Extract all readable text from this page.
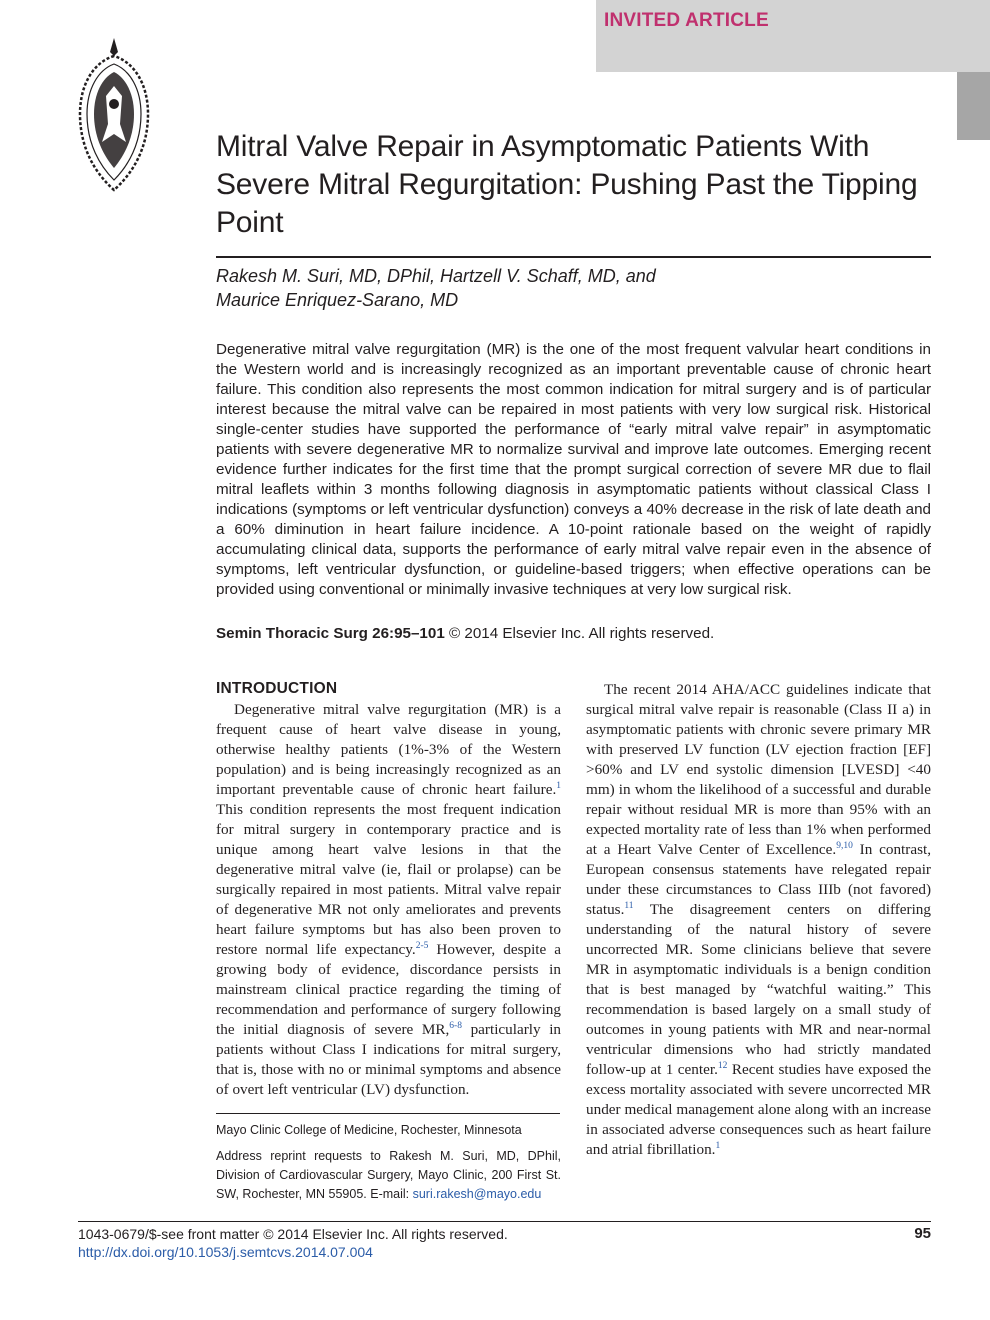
INVITED ARTICLE
Mitral Valve Repair in Asymptomatic Patients With Severe Mitral Regurgitation: Pushing Past the Tipping Point
Rakesh M. Suri, MD, DPhil, Hartzell V. Schaff, MD, and
Maurice Enriquez-Sarano, MD
Degenerative mitral valve regurgitation (MR) is the one of the most frequent valvular heart conditions in the Western world and is increasingly recognized as an important preventable cause of chronic heart failure. This condition also represents the most common indication for mitral surgery and is of particular interest because the mitral valve can be repaired in most patients with very low surgical risk. Historical single-center studies have supported the performance of “early mitral valve repair” in asymptomatic patients with severe degenerative MR to normalize survival and improve late outcomes. Emerging recent evidence further indicates for the first time that the prompt surgical correction of severe MR due to flail mitral leaflets within 3 months following diagnosis in asymptomatic patients without classical Class I indications (symptoms or left ventricular dysfunction) conveys a 40% decrease in the risk of late death and a 60% diminution in heart failure incidence. A 10-point rationale based on the weight of rapidly accumulating clinical data, supports the performance of early mitral valve repair even in the absence of symptoms, left ventricular dysfunction, or guideline-based triggers; when effective operations can be provided using conventional or minimally invasive techniques at very low surgical risk.
Semin Thoracic Surg 26:95–101 © 2014 Elsevier Inc. All rights reserved.
INTRODUCTION

Degenerative mitral valve regurgitation (MR) is a frequent cause of heart valve disease in young, otherwise healthy patients (1%-3% of the Western population) and is being increasingly recognized as an important preventable cause of chronic heart failure.$^1$ This condition represents the most frequent indication for mitral surgery in contemporary practice and is unique among heart valve lesions in that the degenerative mitral valve (ie, flail or prolapse) can be surgically repaired in most patients. Mitral valve repair of degenerative MR not only ameliorates and prevents heart failure symptoms but has also been proven to restore normal life expectancy.$^{2-5}$ However, despite a growing body of evidence, discordance persists in mainstream clinical practice regarding the timing of recommendation and performance of surgery following the initial diagnosis of severe MR,$^{6-8}$ particularly in patients without Class I indications for mitral surgery, that is, those with no or minimal symptoms and absence of overt left ventricular (LV) dysfunction.

The recent 2014 AHA/ACC guidelines indicate that surgical mitral valve repair is reasonable (Class II a) in asymptomatic patients with chronic severe primary MR with preserved LV function (LV ejection fraction [EF] >60% and LV end systolic dimension [LVESD] <40 mm) in whom the likelihood of a successful and durable repair without residual MR is more than 95% with an expected mortality rate of less than 1% when performed at a Heart Valve Center of Excellence.$^{9,10}$ In contrast, European consensus statements have relegated repair under these circumstances to Class IIIb (not favored) status.$^{11}$ The disagreement centers on differing understanding of the natural history of severe uncorrected MR. Some clinicians believe that severe MR in asymptomatic individuals is a benign condition that is best managed by “watchful waiting.” This recommendation is based largely on a small study of outcomes in young patients with MR and near-normal ventricular dimensions who had strictly mandated follow-up at 1 center.$^{12}$ Recent studies have exposed the excess mortality associated with severe uncorrected MR under medical management alone along with an increase in associated adverse consequences such as heart failure and atrial fibrillation.$^1$

Mayo Clinic College of Medicine, Rochester, Minnesota
Address reprint requests to Rakesh M. Suri, MD, DPhil, Division of Cardiovascular Surgery, Mayo Clinic, 200 First St. SW, Rochester, MN 55905. E-mail: suri.rakesh@mayo.edu
1043-0679/$-see front matter © 2014 Elsevier Inc. All rights reserved.
http://dx.doi.org/10.1053/j.semtcvs.2014.07.004
95
